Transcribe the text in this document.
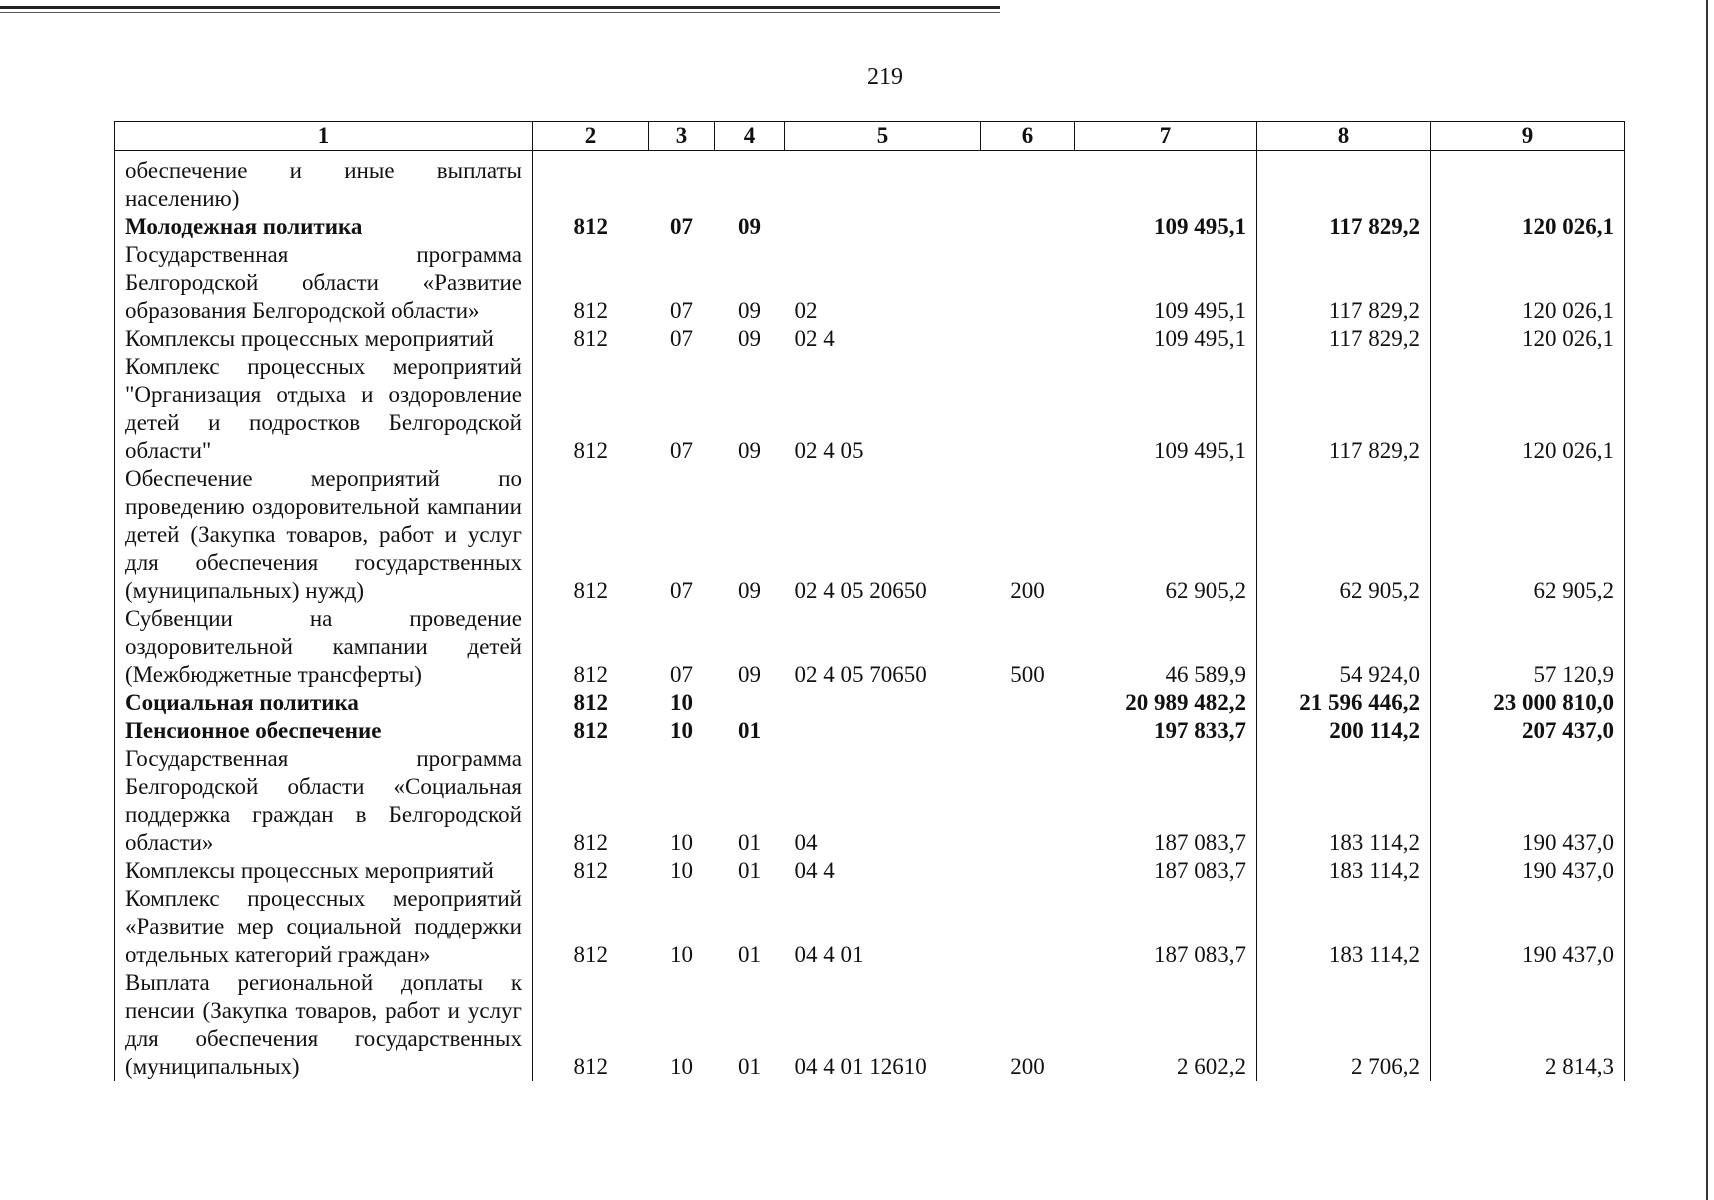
219
1	2	3	4	5	6	7	8	9
обеспечение и иные выплаты населению)								
Молодежная политика	812	07	09			109 495,1	117 829,2	120 026,1
Государственная программа Белгородской области «Развитие образования Белгородской области»	812	07	09	02		109 495,1	117 829,2	120 026,1
Комплексы процессных мероприятий	812	07	09	02 4		109 495,1	117 829,2	120 026,1
Комплекс процессных мероприятий "Организация отдыха и оздоровление детей и подростков Белгородской области"	812	07	09	02 4 05		109 495,1	117 829,2	120 026,1
Обеспечение мероприятий по проведению оздоровительной кампании детей (Закупка товаров, работ и услуг для обеспечения государственных (муниципальных) нужд)	812	07	09	02 4 05 20650	200	62 905,2	62 905,2	62 905,2
Субвенции на проведение оздоровительной кампании детей (Межбюджетные трансферты)	812	07	09	02 4 05 70650	500	46 589,9	54 924,0	57 120,9
Социальная политика	812	10				20 989 482,2	21 596 446,2	23 000 810,0
Пенсионное обеспечение	812	10	01			197 833,7	200 114,2	207 437,0
Государственная программа Белгородской области «Социальная поддержка граждан в Белгородской области»	812	10	01	04		187 083,7	183 114,2	190 437,0
Комплексы процессных мероприятий	812	10	01	04 4		187 083,7	183 114,2	190 437,0
Комплекс процессных мероприятий «Развитие мер социальной поддержки отдельных категорий граждан»	812	10	01	04 4 01		187 083,7	183 114,2	190 437,0
Выплата региональной доплаты к пенсии (Закупка товаров, работ и услуг для обеспечения государственных (муниципальных)	812	10	01	04 4 01 12610	200	2 602,2	2 706,2	2 814,3
